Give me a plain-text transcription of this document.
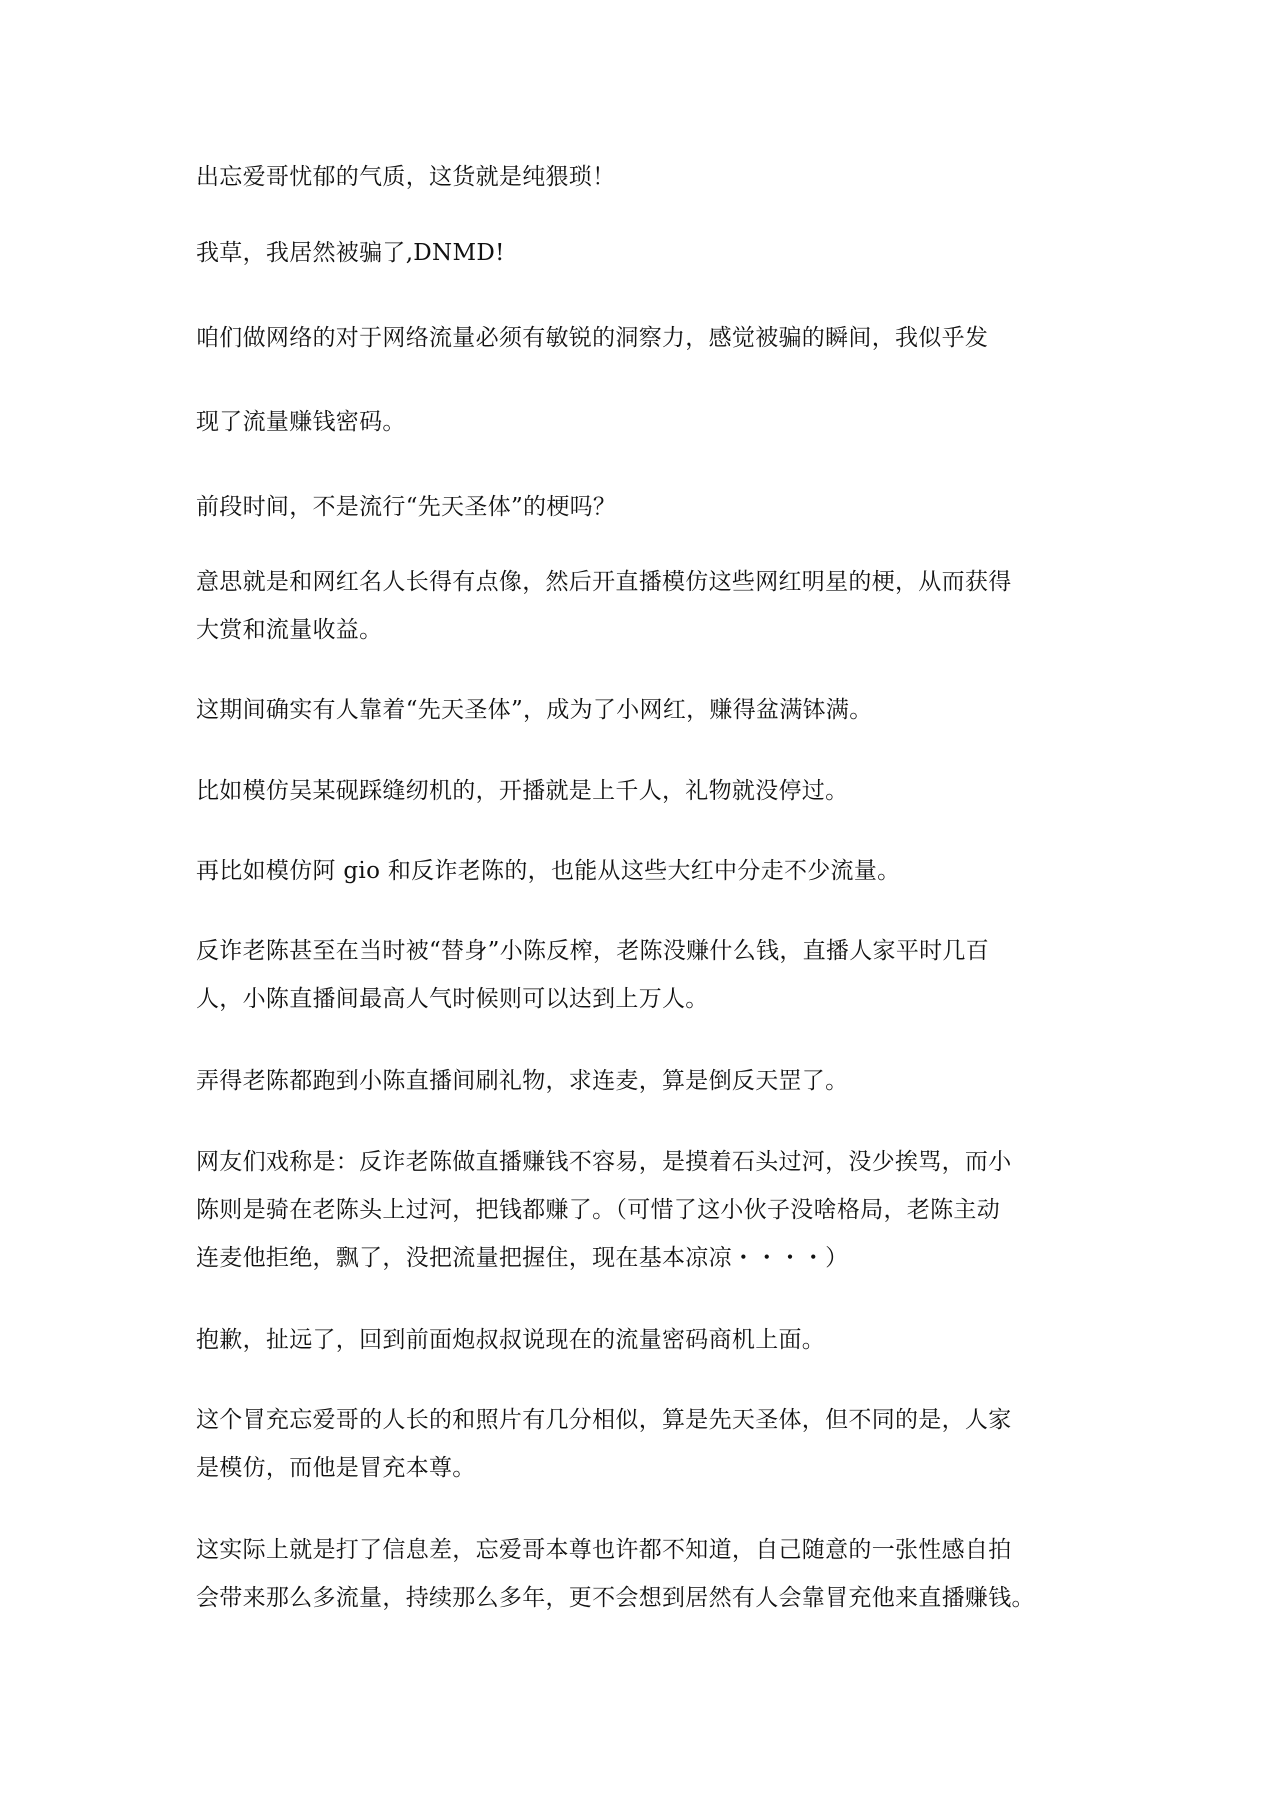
出忘爱哥忧郁的气质，这货就是纯猥琐！

我草，我居然被骗了,DNMD!

咱们做网络的对于网络流量必须有敏锐的洞察力，感觉被骗的瞬间，我似乎发

现了流量赚钱密码。

前段时间，不是流行“先天圣体”的梗吗？

意思就是和网红名人长得有点像，然后开直播模仿这些网红明星的梗，从而获得
大赏和流量收益。

这期间确实有人靠着“先天圣体”，成为了小网红，赚得盆满钵满。

比如模仿吴某砚踩缝纫机的，开播就是上千人，礼物就没停过。

再比如模仿阿 gio 和反诈老陈的，也能从这些大红中分走不少流量。

反诈老陈甚至在当时被“替身”小陈反榨，老陈没赚什么钱，直播人家平时几百
人，小陈直播间最高人气时候则可以达到上万人。

弄得老陈都跑到小陈直播间刷礼物，求连麦，算是倒反天罡了。

网友们戏称是：反诈老陈做直播赚钱不容易，是摸着石头过河，没少挨骂，而小
陈则是骑在老陈头上过河，把钱都赚了。（可惜了这小伙子没啥格局，老陈主动
连麦他拒绝，飘了，没把流量把握住，现在基本凉凉・・・・）

抱歉，扯远了，回到前面炮叔叔说现在的流量密码商机上面。

这个冒充忘爱哥的人长的和照片有几分相似，算是先天圣体，但不同的是，人家
是模仿，而他是冒充本尊。

这实际上就是打了信息差，忘爱哥本尊也许都不知道，自己随意的一张性感自拍
会带来那么多流量，持续那么多年，更不会想到居然有人会靠冒充他来直播赚钱。
